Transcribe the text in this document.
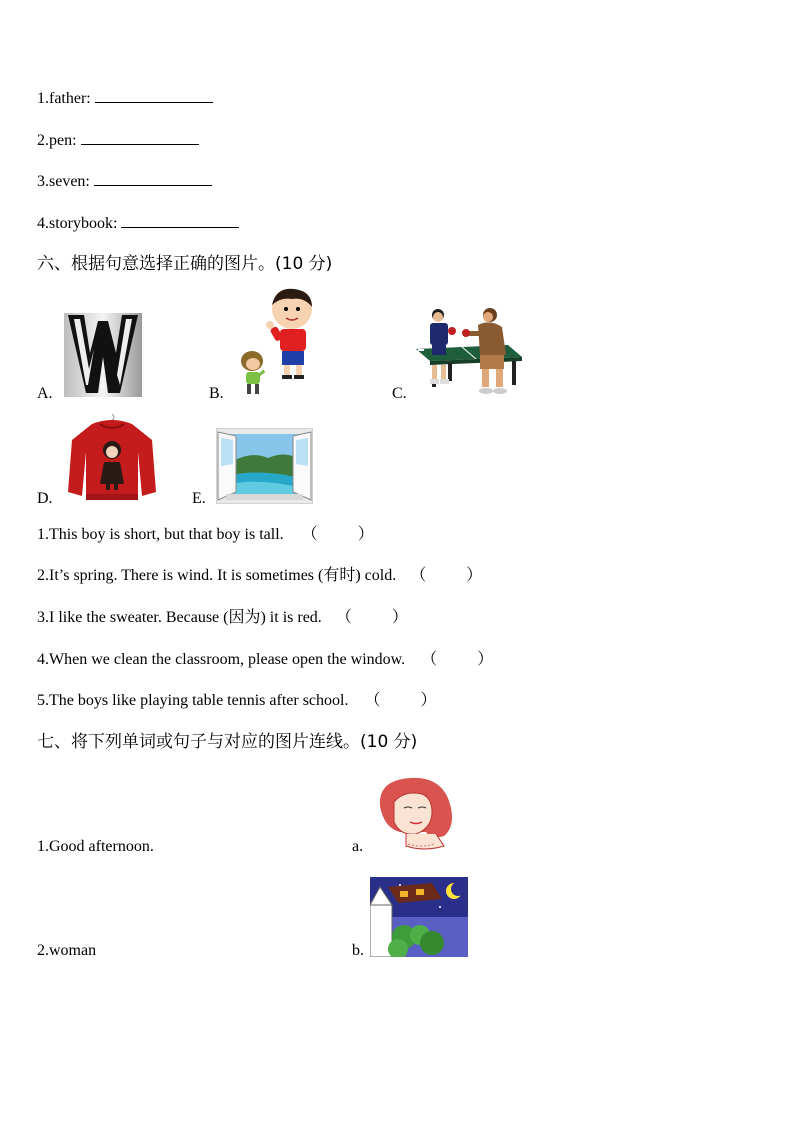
1.father:
2.pen:
3.seven:
4.storybook:
六、根据句意选择正确的图片。(10 分)
A.	B.	C.
D.	E.
1.This boy is short, but that boy is tall. （	）
2.It’s spring. There is wind. It is sometimes (有时) cold. （	）
3.I like the sweater. Because (因为) it is red. （	）
4.When we clean the classroom, please open the window. （	）
5.The boys like playing table tennis after school. （	）
七、将下列单词或句子与对应的图片连线。(10 分)
1.Good afternoon.	a.
2.woman	b.
